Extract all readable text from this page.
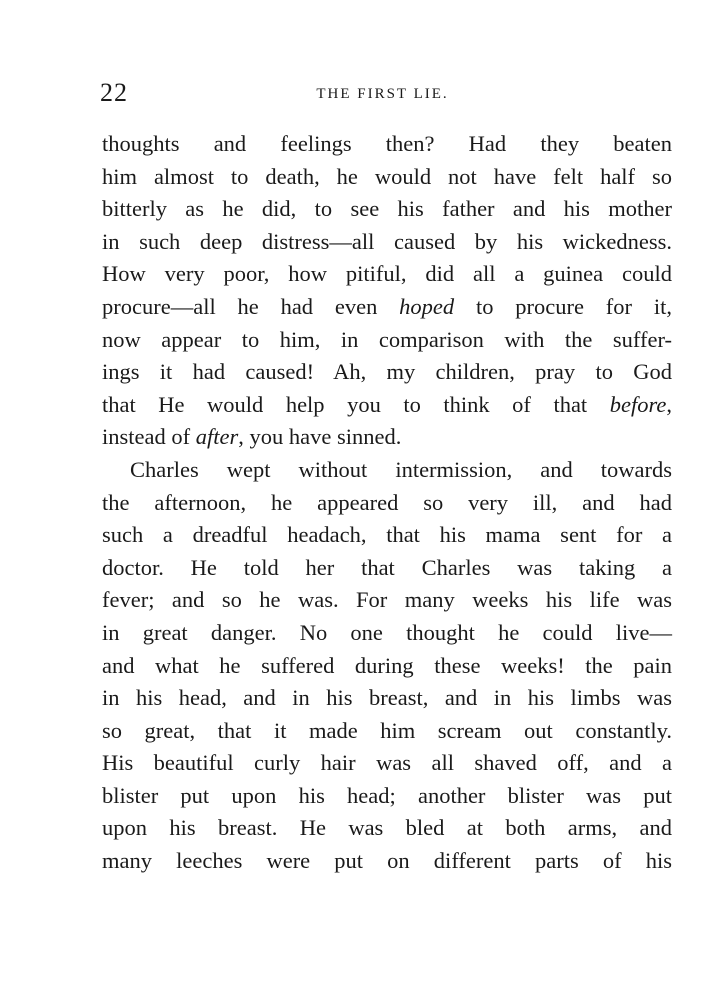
22	THE FIRST LIE.
thoughts and feelings then? Had they beaten
him almost to death, he would not have felt half so
bitterly as he did, to see his father and his mother
in such deep distress—all caused by his wickedness.
How very poor, how pitiful, did all a guinea could
procure—all he had even hoped to procure for it,
now appear to him, in comparison with the suffer-
ings it had caused! Ah, my children, pray to God
that He would help you to think of that before,
instead of after, you have sinned.
Charles wept without intermission, and towards
the afternoon, he appeared so very ill, and had
such a dreadful headach, that his mama sent for a
doctor. He told her that Charles was taking a
fever; and so he was. For many weeks his life was
in great danger. No one thought he could live—
and what he suffered during these weeks! the pain
in his head, and in his breast, and in his limbs was
so great, that it made him scream out constantly.
His beautiful curly hair was all shaved off, and a
blister put upon his head; another blister was put
upon his breast. He was bled at both arms, and
many leeches were put on different parts of his
